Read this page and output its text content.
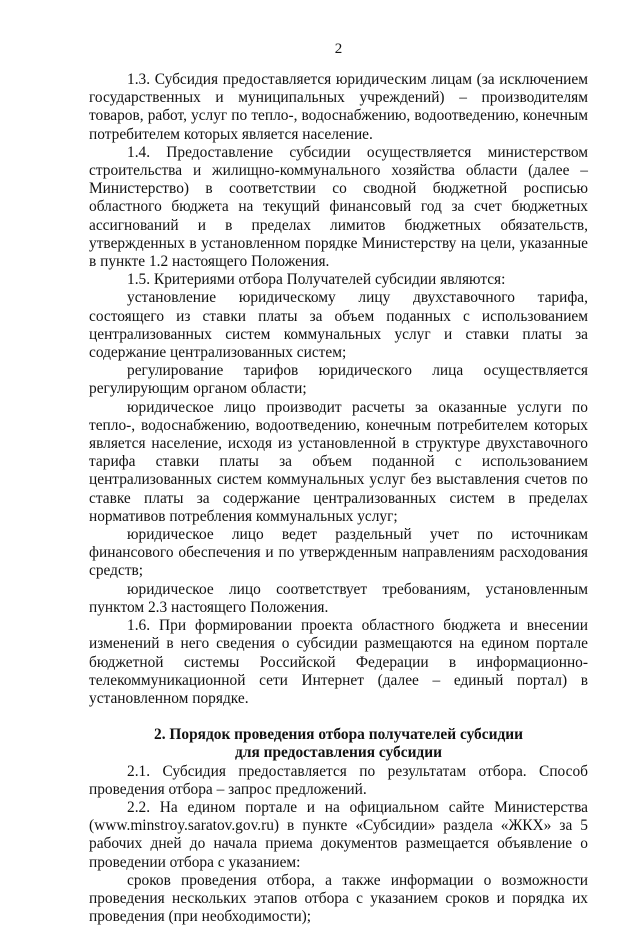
2

1.3. Субсидия предоставляется юридическим лицам (за исключением государственных и муниципальных учреждений) – производителям товаров, работ, услуг по тепло-, водоснабжению, водоотведению, конечным потребителем которых является население.

1.4. Предоставление субсидии осуществляется министерством строительства и жилищно-коммунального хозяйства области (далее – Министерство) в соответствии со сводной бюджетной росписью областного бюджета на текущий финансовый год за счет бюджетных ассигнований и в пределах лимитов бюджетных обязательств, утвержденных в установленном порядке Министерству на цели, указанные в пункте 1.2 настоящего Положения.

1.5. Критериями отбора Получателей субсидии являются:

установление юридическому лицу двухставочного тарифа, состоящего из ставки платы за объем поданных с использованием централизованных систем коммунальных услуг и ставки платы за содержание централизованных систем;

регулирование тарифов юридического лица осуществляется регулирующим органом области;

юридическое лицо производит расчеты за оказанные услуги по тепло-, водоснабжению, водоотведению, конечным потребителем которых является население, исходя из установленной в структуре двухставочного тарифа ставки платы за объем поданной с использованием централизованных систем коммунальных услуг без выставления счетов по ставке платы за содержание централизованных систем в пределах нормативов потребления коммунальных услуг;

юридическое лицо ведет раздельный учет по источникам финансового обеспечения и по утвержденным направлениям расходования средств;

юридическое лицо соответствует требованиям, установленным пунктом 2.3 настоящего Положения.

1.6. При формировании проекта областного бюджета и внесении изменений в него сведения о субсидии размещаются на едином портале бюджетной системы Российской Федерации в информационно-телекоммуникационной сети Интернет (далее – единый портал) в установленном порядке.

2. Порядок проведения отбора получателей субсидии
для предоставления субсидии

2.1. Субсидия предоставляется по результатам отбора. Способ проведения отбора – запрос предложений.

2.2. На едином портале и на официальном сайте Министерства (www.minstroy.saratov.gov.ru) в пункте «Субсидии» раздела «ЖКХ» за 5 рабочих дней до начала приема документов размещается объявление о проведении отбора с указанием:

сроков проведения отбора, а также информации о возможности проведения нескольких этапов отбора с указанием сроков и порядка их проведения (при необходимости);
